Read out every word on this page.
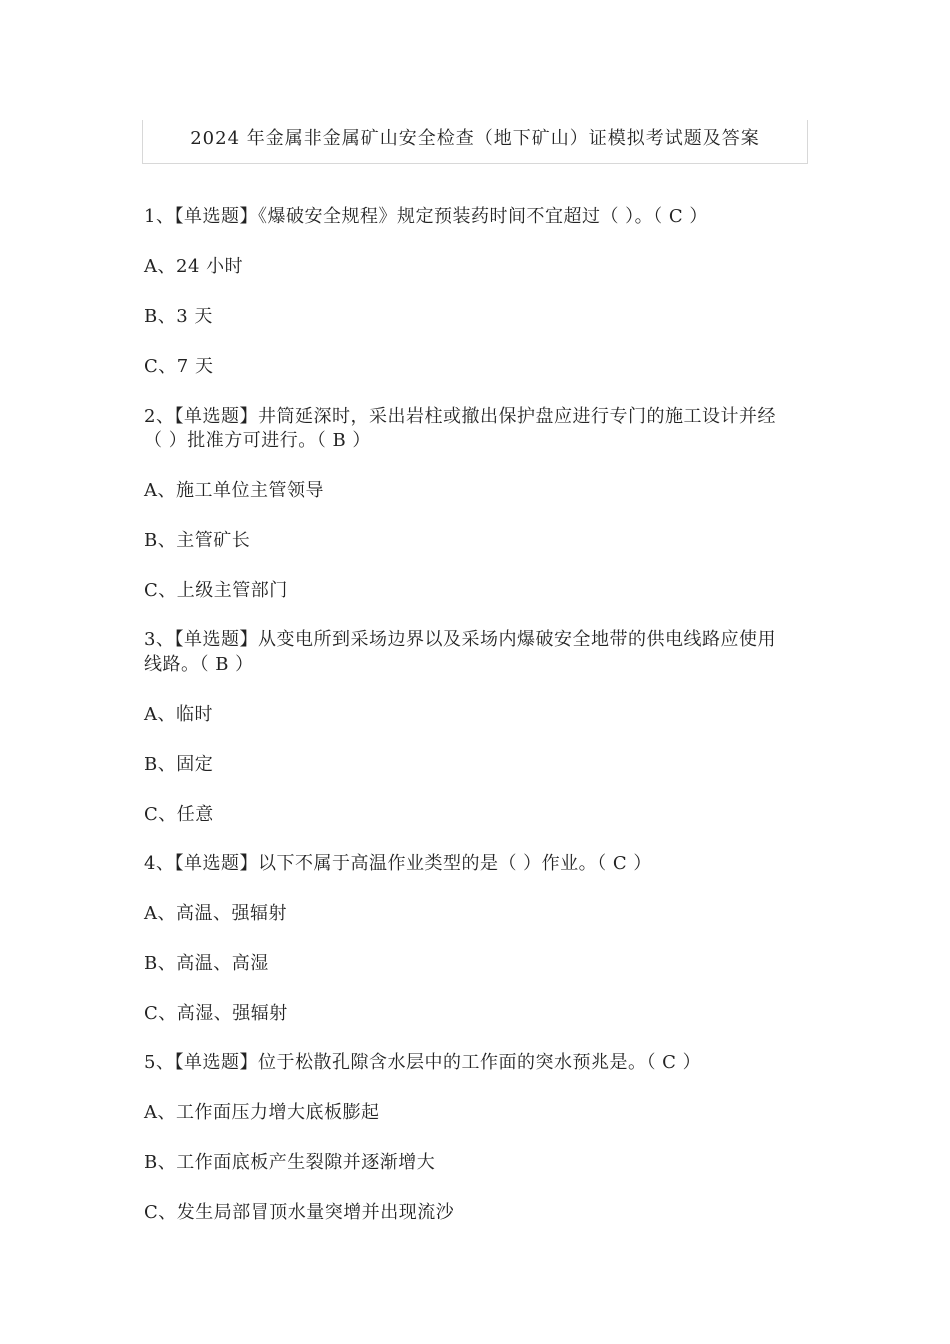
2024 年金属非金属矿山安全检查（地下矿山）证模拟考试题及答案
1、【单选题】《爆破安全规程》规定预装药时间不宜超过（ ）。（ C ）
A、24 小时
B、3 天
C、7 天
2、【单选题】井筒延深时，采出岩柱或撤出保护盘应进行专门的施工设计并经
（ ）批准方可进行。（ B ）
A、施工单位主管领导
B、主管矿长
C、上级主管部门
3、【单选题】从变电所到采场边界以及采场内爆破安全地带的供电线路应使用
线路。（ B ）
A、临时
B、固定
C、任意
4、【单选题】以下不属于高温作业类型的是（ ）作业。（ C ）
A、高温、强辐射
B、高温、高湿
C、高湿、强辐射
5、【单选题】位于松散孔隙含水层中的工作面的突水预兆是。（ C ）
A、工作面压力增大底板膨起
B、工作面底板产生裂隙并逐渐增大
C、发生局部冒顶水量突增并出现流沙
